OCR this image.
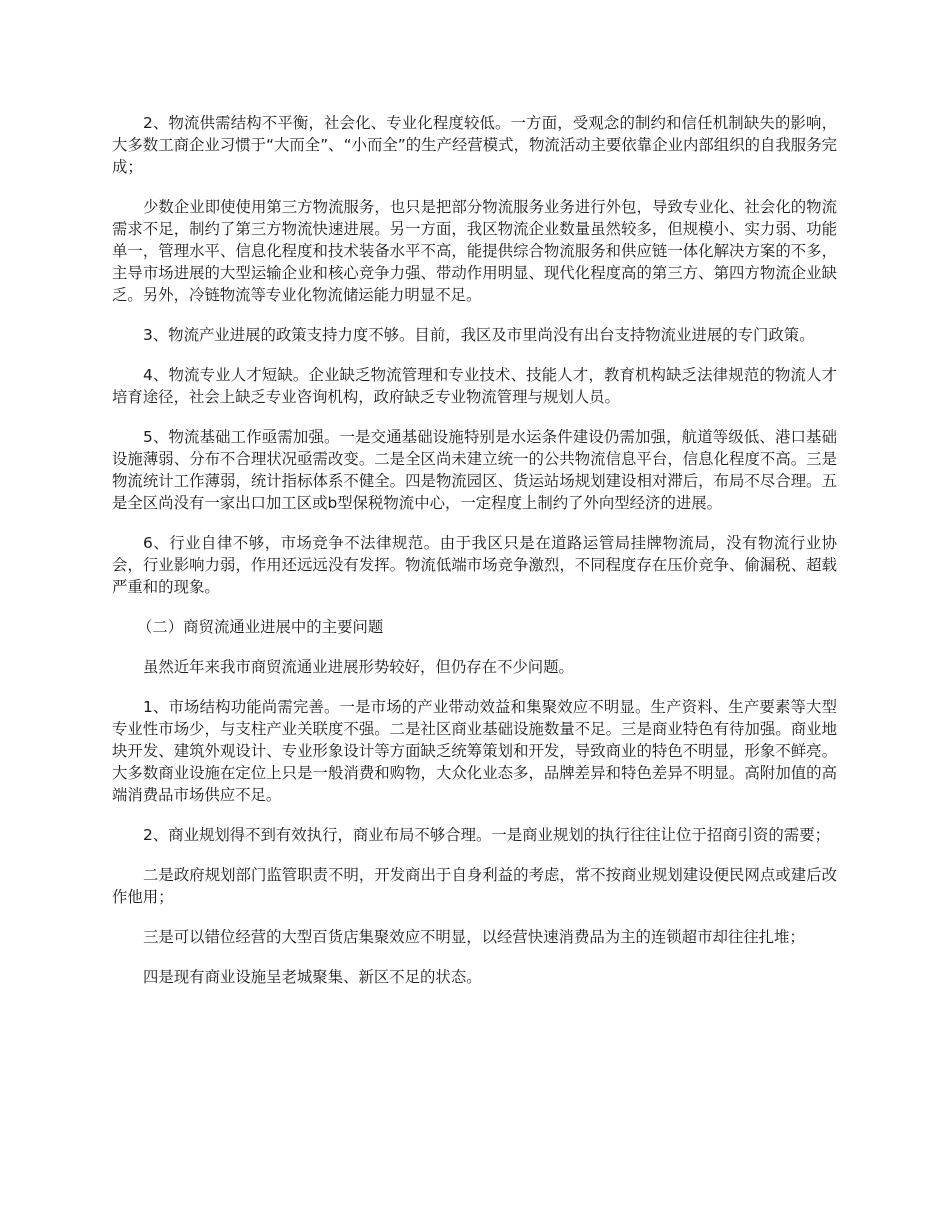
2、物流供需结构不平衡，社会化、专业化程度较低。一方面，受观念的制约和信任机制缺失的影响，大多数工商企业习惯于“大而全”、“小而全”的生产经营模式，物流活动主要依靠企业内部组织的自我服务完成；

少数企业即使使用第三方物流服务，也只是把部分物流服务业务进行外包，导致专业化、社会化的物流需求不足，制约了第三方物流快速进展。另一方面，我区物流企业数量虽然较多，但规模小、实力弱、功能单一，管理水平、信息化程度和技术装备水平不高，能提供综合物流服务和供应链一体化解决方案的不多，主导市场进展的大型运输企业和核心竞争力强、带动作用明显、现代化程度高的第三方、第四方物流企业缺乏。另外，冷链物流等专业化物流储运能力明显不足。

3、物流产业进展的政策支持力度不够。目前，我区及市里尚没有出台支持物流业进展的专门政策。

4、物流专业人才短缺。企业缺乏物流管理和专业技术、技能人才，教育机构缺乏法律规范的物流人才培育途径，社会上缺乏专业咨询机构，政府缺乏专业物流管理与规划人员。

5、物流基础工作亟需加强。一是交通基础设施特别是水运条件建设仍需加强，航道等级低、港口基础设施薄弱、分布不合理状况亟需改变。二是全区尚未建立统一的公共物流信息平台，信息化程度不高。三是物流统计工作薄弱，统计指标体系不健全。四是物流园区、货运站场规划建设相对滞后，布局不尽合理。五是全区尚没有一家出口加工区或b型保税物流中心，一定程度上制约了外向型经济的进展。

6、行业自律不够，市场竞争不法律规范。由于我区只是在道路运管局挂牌物流局，没有物流行业协会，行业影响力弱，作用还远远没有发挥。物流低端市场竞争激烈，不同程度存在压价竞争、偷漏税、超载严重和的现象。

（二）商贸流通业进展中的主要问题

虽然近年来我市商贸流通业进展形势较好，但仍存在不少问题。

1、市场结构功能尚需完善。一是市场的产业带动效益和集聚效应不明显。生产资料、生产要素等大型专业性市场少，与支柱产业关联度不强。二是社区商业基础设施数量不足。三是商业特色有待加强。商业地块开发、建筑外观设计、专业形象设计等方面缺乏统筹策划和开发，导致商业的特色不明显，形象不鲜亮。大多数商业设施在定位上只是一般消费和购物，大众化业态多，品牌差异和特色差异不明显。高附加值的高端消费品市场供应不足。

2、商业规划得不到有效执行，商业布局不够合理。一是商业规划的执行往往让位于招商引资的需要；

二是政府规划部门监管职责不明，开发商出于自身利益的考虑，常不按商业规划建设便民网点或建后改作他用；

三是可以错位经营的大型百货店集聚效应不明显，以经营快速消费品为主的连锁超市却往往扎堆；

四是现有商业设施呈老城聚集、新区不足的状态。
